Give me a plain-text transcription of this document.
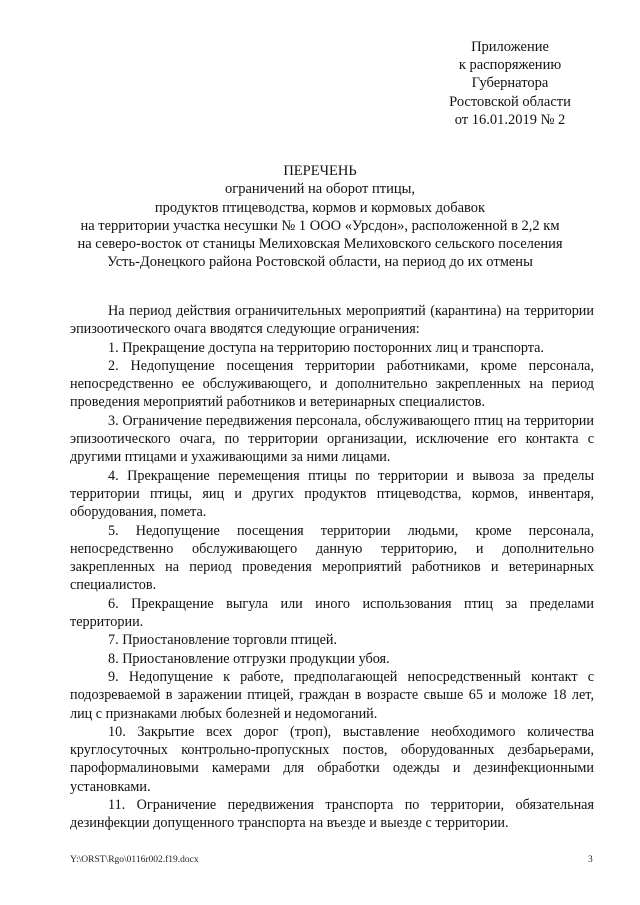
Приложение
к распоряжению
Губернатора
Ростовской области
от 16.01.2019 № 2
ПЕРЕЧЕНЬ
ограничений на оборот птицы,
продуктов птицеводства, кормов и кормовых добавок
на территории участка несушки № 1 ООО «Урсдон», расположенной в 2,2 км
на северо-восток от станицы Мелиховская Мелиховского сельского поселения
Усть-Донецкого района Ростовской области, на период до их отмены

На период действия ограничительных мероприятий (карантина) на территории эпизоотического очага вводятся следующие ограничения:

1. Прекращение доступа на территорию посторонних лиц и транспорта.

2. Недопущение посещения территории работниками, кроме персонала, непосредственно ее обслуживающего, и дополнительно закрепленных на период проведения мероприятий работников и ветеринарных специалистов.

3. Ограничение передвижения персонала, обслуживающего птиц на территории эпизоотического очага, по территории организации, исключение его контакта с другими птицами и ухаживающими за ними лицами.

4. Прекращение перемещения птицы по территории и вывоза за пределы территории птицы, яиц и других продуктов птицеводства, кормов, инвентаря, оборудования, помета.

5. Недопущение посещения территории людьми, кроме персонала, непосредственно обслуживающего данную территорию, и дополнительно закрепленных на период проведения мероприятий работников и ветеринарных специалистов.

6. Прекращение выгула или иного использования птиц за пределами территории.

7. Приостановление торговли птицей.

8. Приостановление отгрузки продукции убоя.

9. Недопущение к работе, предполагающей непосредственный контакт с подозреваемой в заражении птицей, граждан в возрасте свыше 65 и моложе 18 лет, лиц с признаками любых болезней и недомоганий.

10. Закрытие всех дорог (троп), выставление необходимого количества круглосуточных контрольно-пропускных постов, оборудованных дезбарьерами, пароформалиновыми камерами для обработки одежды и дезинфекционными установками.

11. Ограничение передвижения транспорта по территории, обязательная дезинфекции допущенного транспорта на въезде и выезде с территории.

Y:\ORST\Rgo\0116r002.f19.docx	3
